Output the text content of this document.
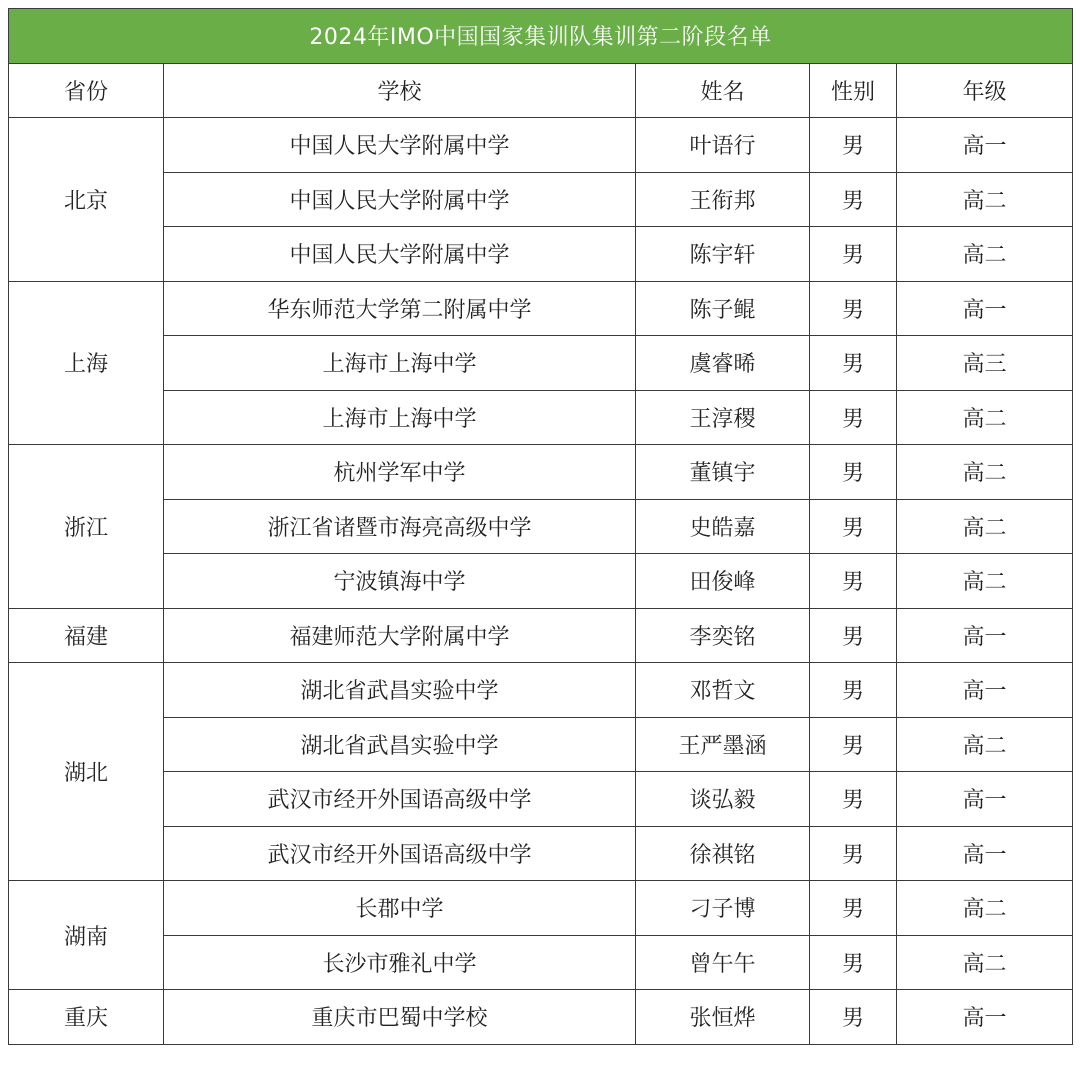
2024年IMO中国国家集训队集训第二阶段名单				
省份	学校	姓名	性别	年级
北京	中国人民大学附属中学	叶语行	男	高一
	中国人民大学附属中学	王衔邦	男	高二
	中国人民大学附属中学	陈宇轩	男	高二
上海	华东师范大学第二附属中学	陈子鲲	男	高一
	上海市上海中学	虞睿晞	男	高三
	上海市上海中学	王淳稷	男	高二
浙江	杭州学军中学	董镇宇	男	高二
	浙江省诸暨市海亮高级中学	史皓嘉	男	高二
	宁波镇海中学	田俊峰	男	高二
福建	福建师范大学附属中学	李奕铭	男	高一
湖北	湖北省武昌实验中学	邓哲文	男	高一
	湖北省武昌实验中学	王严墨涵	男	高二
	武汉市经开外国语高级中学	谈弘毅	男	高一
	武汉市经开外国语高级中学	徐祺铭	男	高一
湖南	长郡中学	刁子博	男	高二
	长沙市雅礼中学	曾午午	男	高二
重庆	重庆市巴蜀中学校	张恒烨	男	高一
